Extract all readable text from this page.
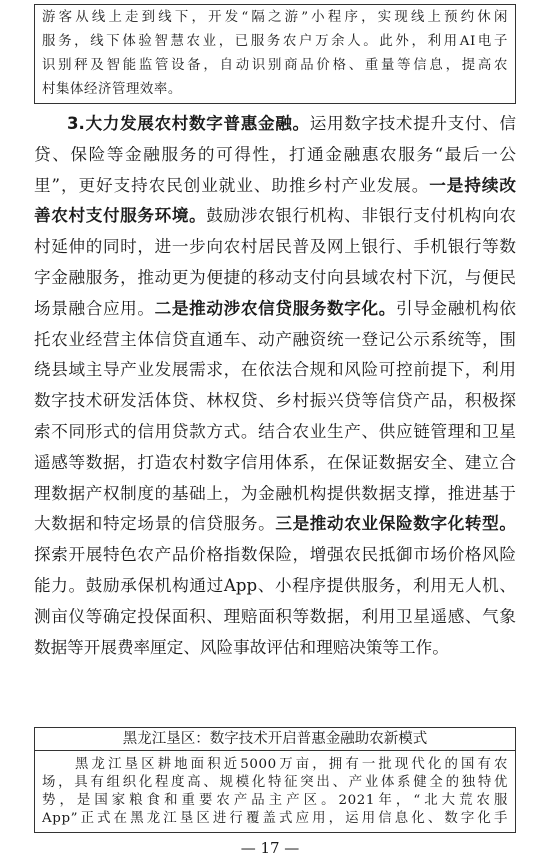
游客从线上走到线下，开发“隔之游”小程序，实现线上预约休闲
服务，线下体验智慧农业，已服务农户万余人。此外，利用AI电子
识别秤及智能监管设备，自动识别商品价格、重量等信息，提高农
村集体经济管理效率。
3.大力发展农村数字普惠金融。运用数字技术提升支付、信
贷、保险等金融服务的可得性，打通金融惠农服务“最后一公
里”，更好支持农民创业就业、助推乡村产业发展。一是持续改
善农村支付服务环境。鼓励涉农银行机构、非银行支付机构向农
村延伸的同时，进一步向农村居民普及网上银行、手机银行等数
字金融服务，推动更为便捷的移动支付向县域农村下沉，与便民
场景融合应用。二是推动涉农信贷服务数字化。引导金融机构依
托农业经营主体信贷直通车、动产融资统一登记公示系统等，围
绕县域主导产业发展需求，在依法合规和风险可控前提下，利用
数字技术研发活体贷、林权贷、乡村振兴贷等信贷产品，积极探
索不同形式的信用贷款方式。结合农业生产、供应链管理和卫星
遥感等数据，打造农村数字信用体系，在保证数据安全、建立合
理数据产权制度的基础上，为金融机构提供数据支撑，推进基于
大数据和特定场景的信贷服务。三是推动农业保险数字化转型。
探索开展特色农产品价格指数保险，增强农民抵御市场价格风险
能力。鼓励承保机构通过App、小程序提供服务，利用无人机、
测亩仪等确定投保面积、理赔面积等数据，利用卫星遥感、气象
数据等开展费率厘定、风险事故评估和理赔决策等工作。
黑龙江垦区：数字技术开启普惠金融助农新模式
　　黑龙江垦区耕地面积近5000万亩，拥有一批现代化的国有农
场，具有组织化程度高、规模化特征突出、产业体系健全的独特优
势，是国家粮食和重要农产品主产区。2021年，“北大荒农服
App”正式在黑龙江垦区进行覆盖式应用，运用信息化、数字化手
— 17 —
